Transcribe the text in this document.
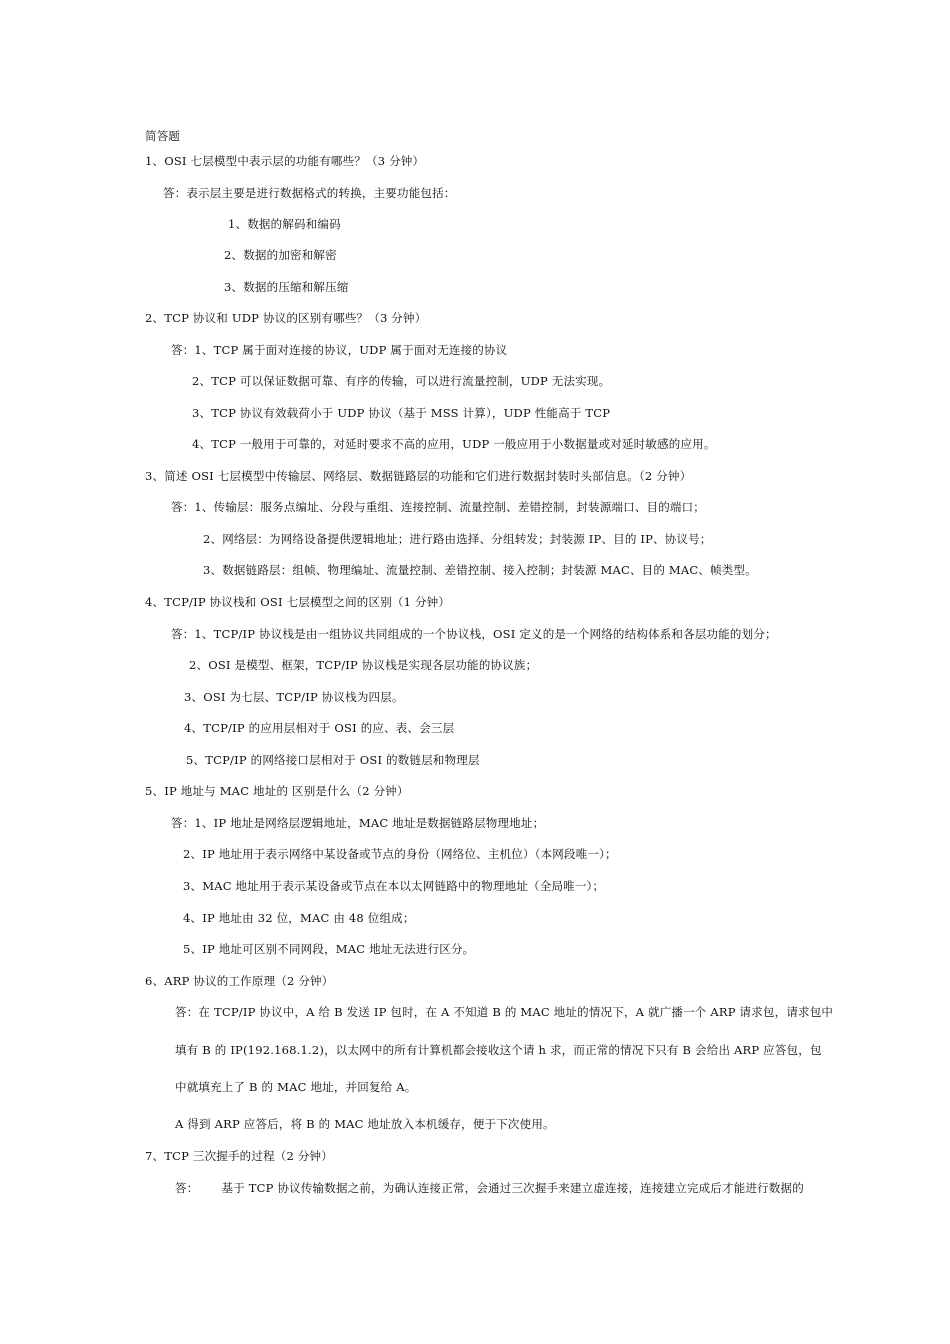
简答题
1、OSI 七层模型中表示层的功能有哪些？（3 分钟）
答：表示层主要是进行数据格式的转换，主要功能包括：
1、数据的解码和编码
2、数据的加密和解密
3、数据的压缩和解压缩
2、TCP 协议和 UDP 协议的区别有哪些？（3 分钟）
答：1、TCP 属于面对连接的协议，UDP 属于面对无连接的协议
2、TCP 可以保证数据可靠、有序的传输，可以进行流量控制，UDP 无法实现。
3、TCP 协议有效载荷小于 UDP 协议（基于 MSS 计算），UDP 性能高于 TCP
4、TCP 一般用于可靠的，对延时要求不高的应用，UDP 一般应用于小数据量或对延时敏感的应用。
3、简述 OSI 七层模型中传输层、网络层、数据链路层的功能和它们进行数据封装时头部信息。（2 分钟）
答：1、传输层：服务点编址、分段与重组、连接控制、流量控制、差错控制，封装源端口、目的端口；
2、网络层：为网络设备提供逻辑地址；进行路由选择、分组转发；封装源 IP、目的 IP、协议号；
3、数据链路层：组帧、物理编址、流量控制、差错控制、接入控制；封装源 MAC、目的 MAC、帧类型。
4、TCP/IP 协议栈和 OSI 七层模型之间的区别（1 分钟）
答：1、TCP/IP 协议栈是由一组协议共同组成的一个协议栈，OSI 定义的是一个网络的结构体系和各层功能的划分；
2、OSI 是模型、框架，TCP/IP 协议栈是实现各层功能的协议族；
3、OSI 为七层、TCP/IP 协议栈为四层。
4、TCP/IP 的应用层相对于 OSI 的应、表、会三层
5、TCP/IP 的网络接口层相对于 OSI 的数链层和物理层
5、IP 地址与 MAC 地址的 区别是什么（2 分钟）
答：1、IP 地址是网络层逻辑地址，MAC 地址是数据链路层物理地址；
2、IP 地址用于表示网络中某设备或节点的身份（网络位、主机位）（本网段唯一）；
3、MAC 地址用于表示某设备或节点在本以太网链路中的物理地址（全局唯一）；
4、IP 地址由 32 位，MAC 由 48 位组成；
5、IP 地址可区别不同网段，MAC 地址无法进行区分。
6、ARP 协议的工作原理（2 分钟）
答：在 TCP/IP 协议中，A 给 B 发送 IP 包时，在 A 不知道 B 的 MAC 地址的情况下，A 就广播一个 ARP 请求包，请求包中
填有 B 的 IP(192.168.1.2)，以太网中的所有计算机都会接收这个请 h 求，而正常的情况下只有 B 会给出 ARP 应答包，包
中就填充上了 B 的 MAC 地址，并回复给 A。
A 得到 ARP 应答后，将 B 的 MAC 地址放入本机缓存，便于下次使用。
7、TCP 三次握手的过程（2 分钟）
答：      基于 TCP 协议传输数据之前，为确认连接正常，会通过三次握手来建立虚连接，连接建立完成后才能进行数据的
